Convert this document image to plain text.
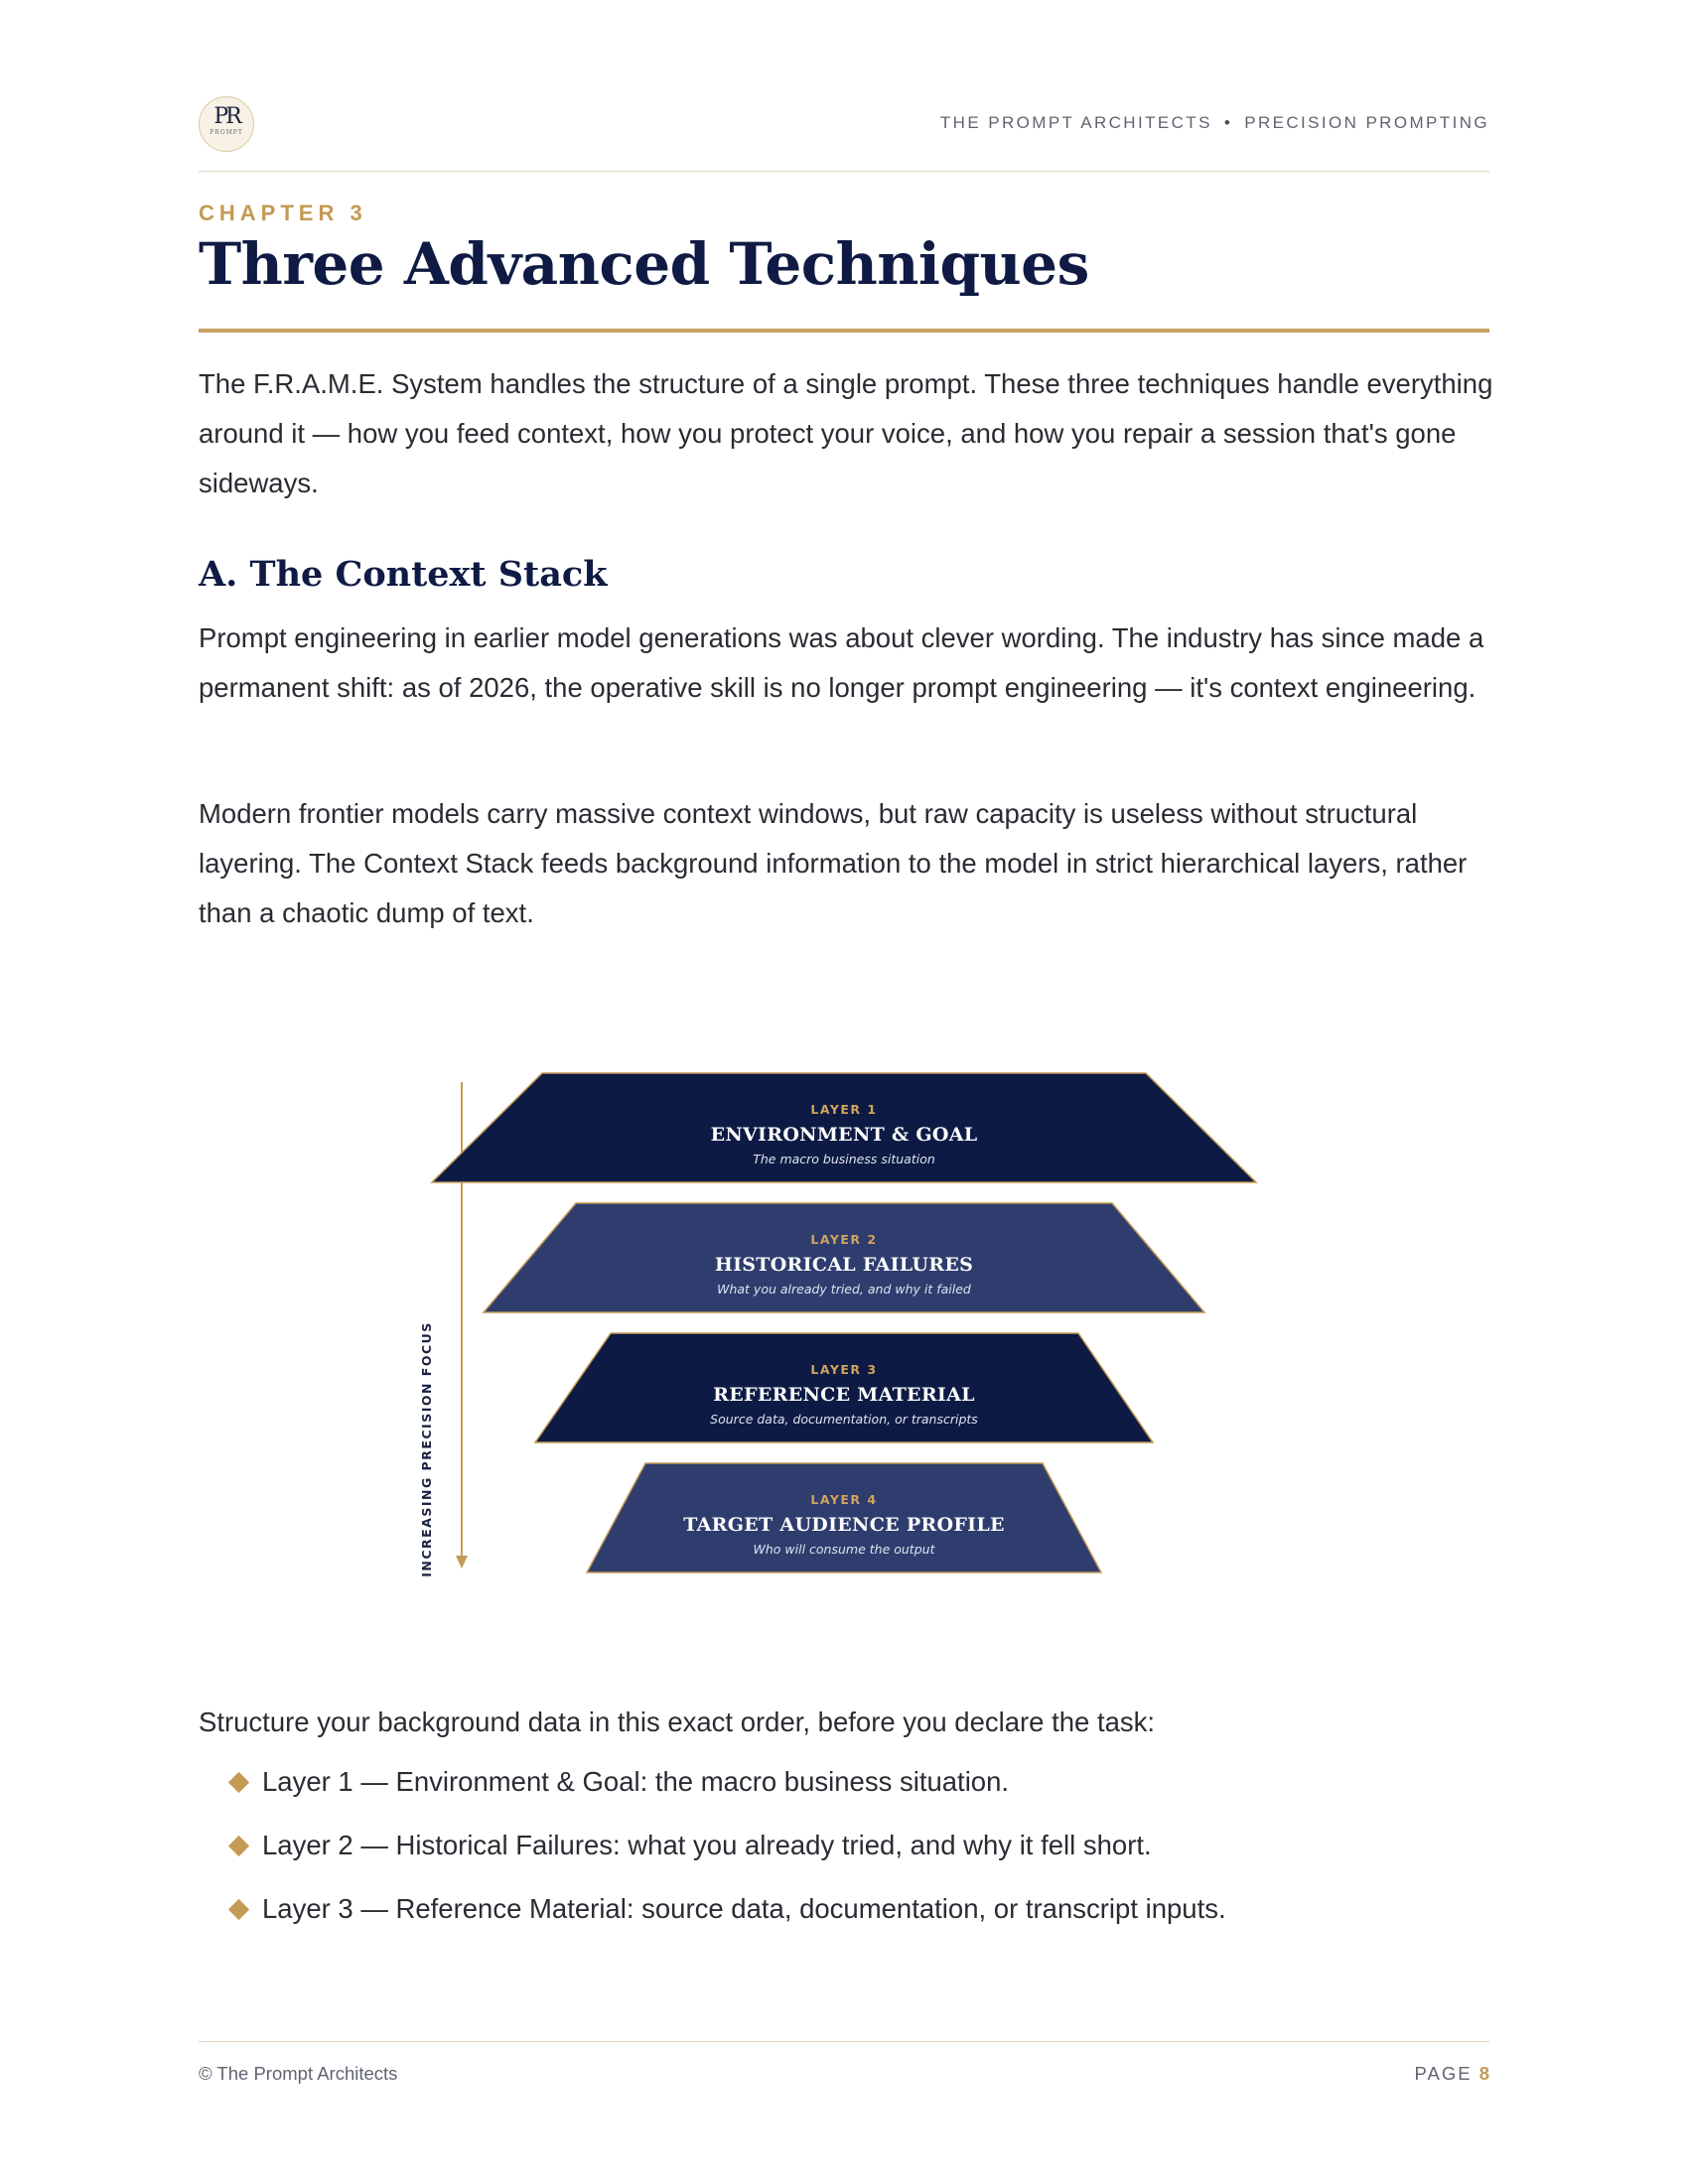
PR
PROMPT
THE PROMPT ARCHITECTS • PRECISION PROMPTING
CHAPTER 3
Three Advanced Techniques

The F.R.A.M.E. System handles the structure of a single prompt. These three techniques handle everything around it — how you feed context, how you protect your voice, and how you repair a session that's gone sideways.

A. The Context Stack

Prompt engineering in earlier model generations was about clever wording. The industry has since made a permanent shift: as of 2026, the operative skill is no longer prompt engineering — it's context engineering.

Modern frontier models carry massive context windows, but raw capacity is useless without structural layering. The Context Stack feeds background information to the model in strict hierarchical layers, rather than a chaotic dump of text.

INCREASING PRECISION FOCUS
LAYER 1
ENVIRONMENT & GOAL
The macro business situation
LAYER 2
HISTORICAL FAILURES
What you already tried, and why it failed
LAYER 3
REFERENCE MATERIAL
Source data, documentation, or transcripts
LAYER 4
TARGET AUDIENCE PROFILE
Who will consume the output

Structure your background data in this exact order, before you declare the task:

Layer 1 — Environment & Goal: the macro business situation.
Layer 2 — Historical Failures: what you already tried, and why it fell short.
Layer 3 — Reference Material: source data, documentation, or transcript inputs.
© The Prompt Architects	PAGE 8
